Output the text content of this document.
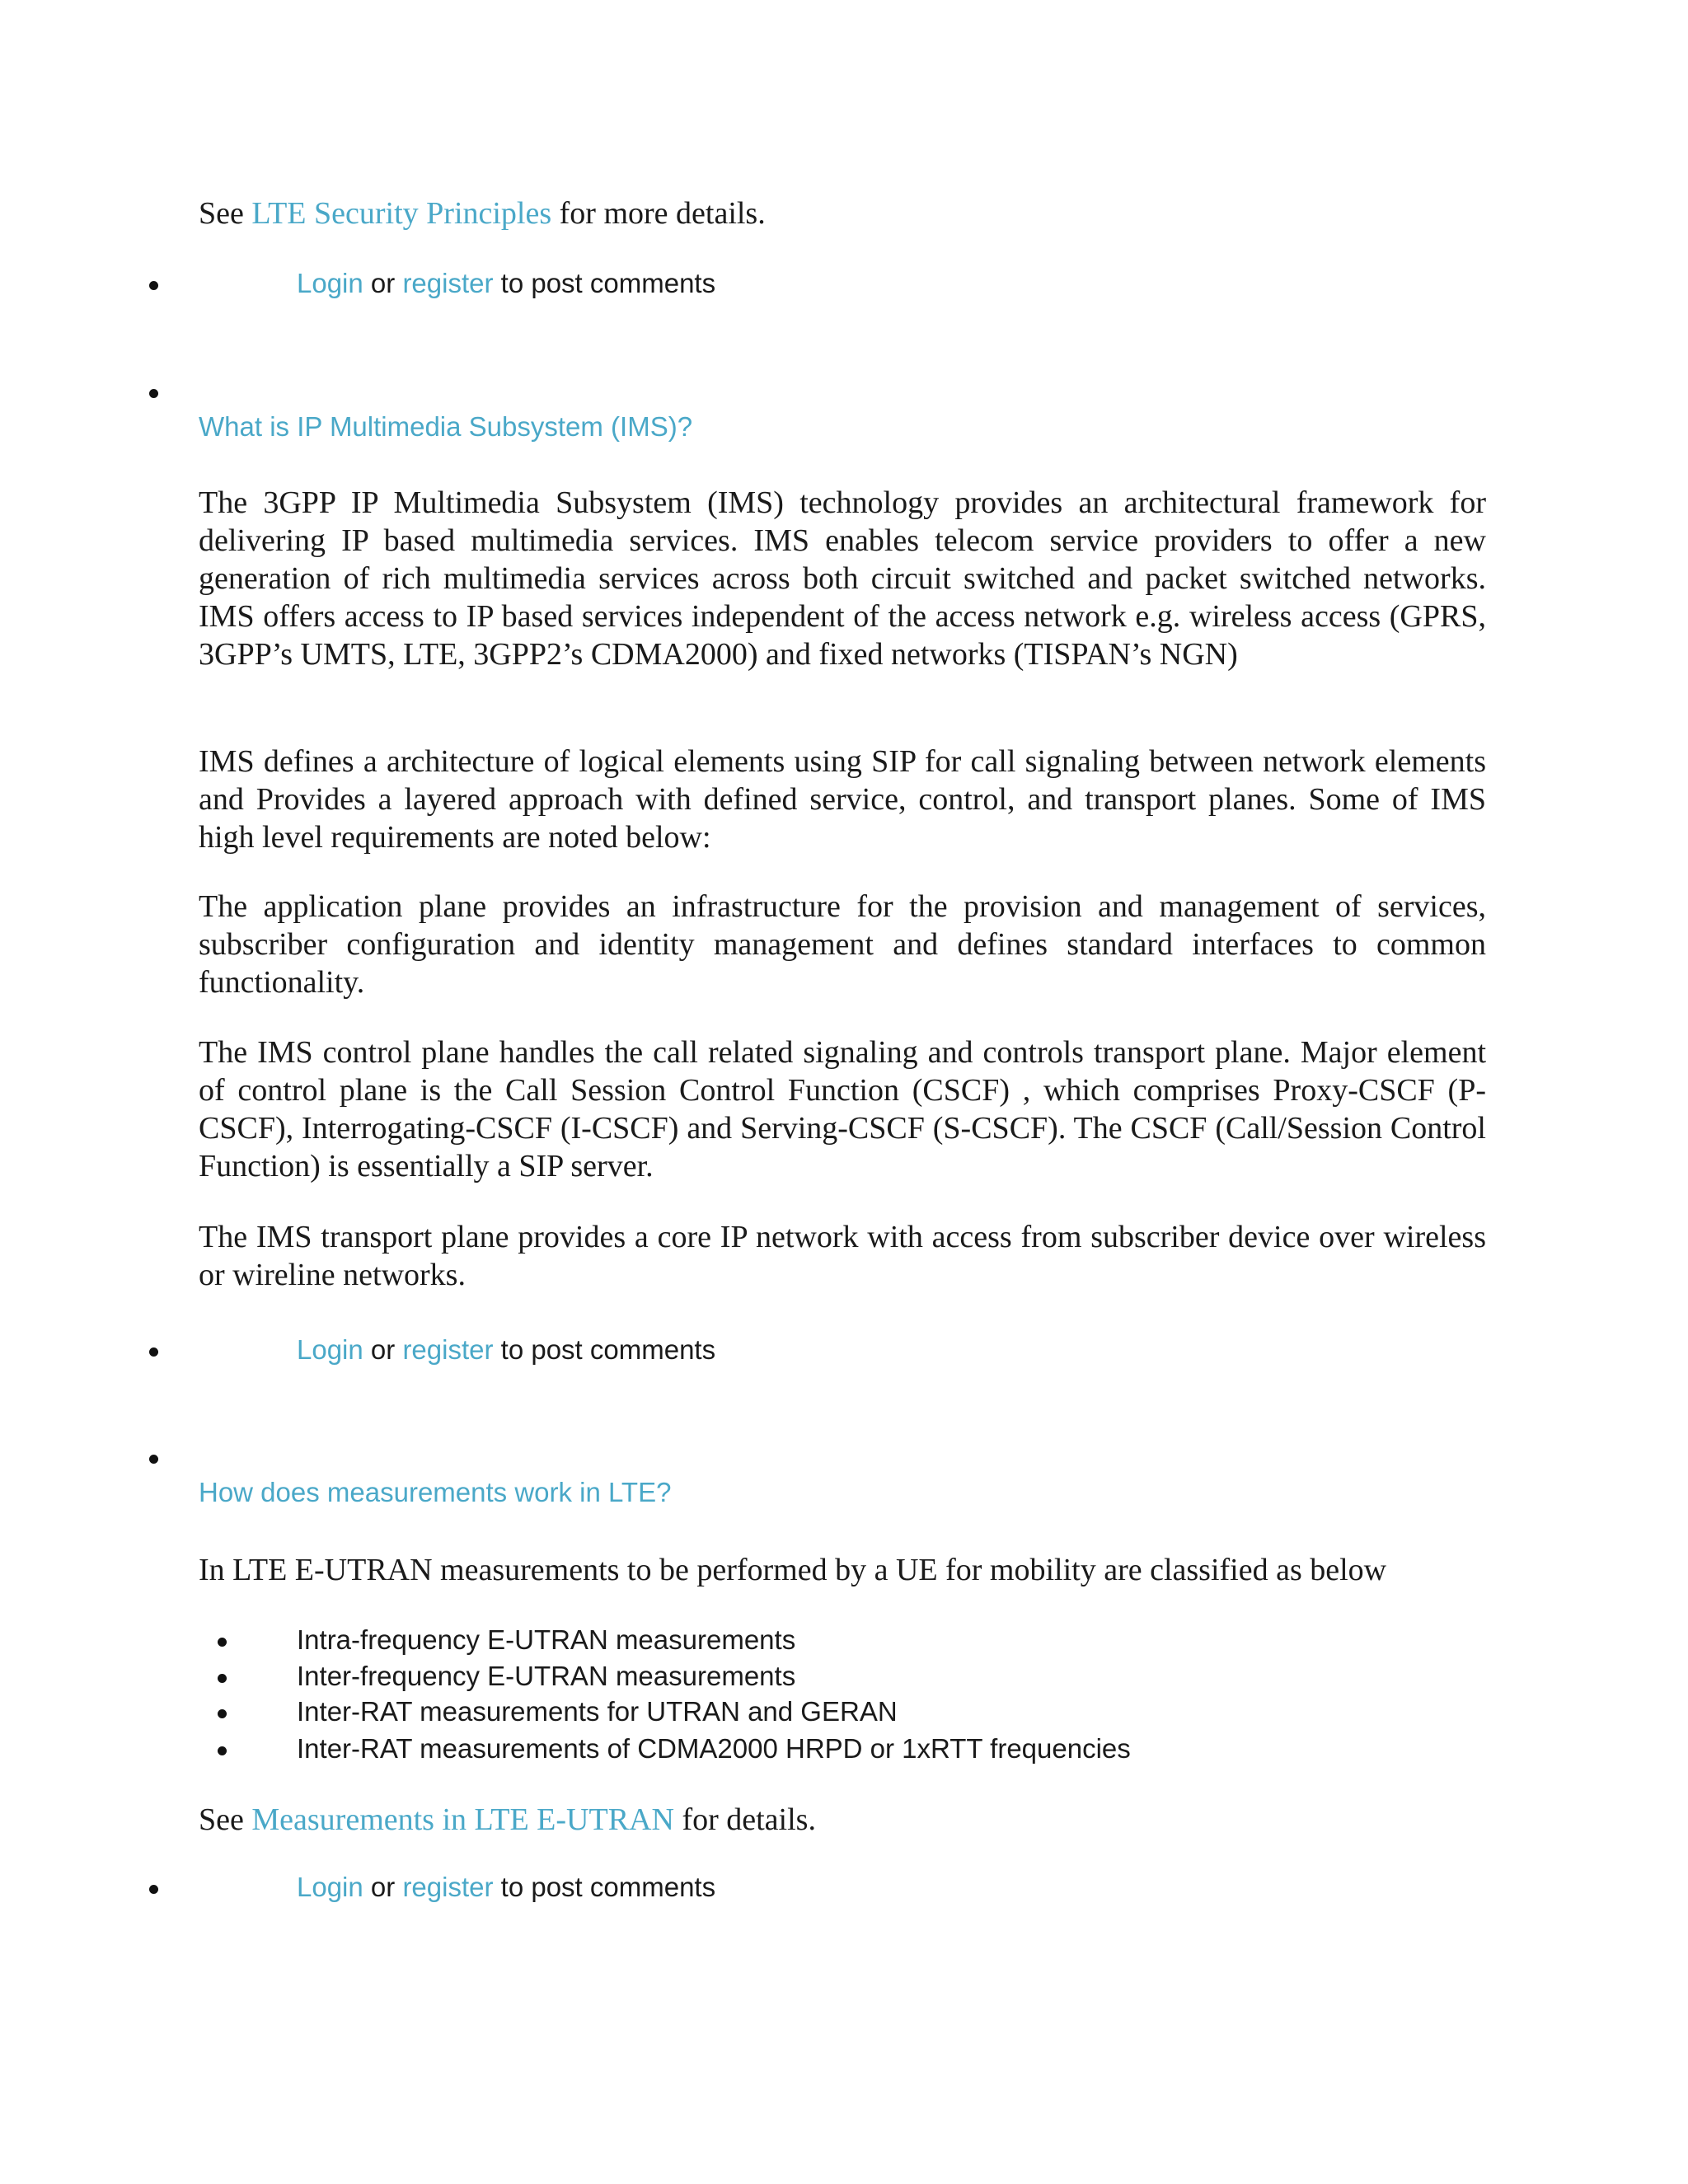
See LTE Security Principles for more details.
Login or register to post comments
What is IP Multimedia Subsystem (IMS)?
The 3GPP IP Multimedia Subsystem (IMS) technology provides an architectural framework for delivering IP based multimedia services. IMS enables telecom service providers to offer a new generation of rich multimedia services across both circuit switched and packet switched networks. IMS offers access to IP based services independent of the access network e.g. wireless access (GPRS, 3GPP’s UMTS, LTE, 3GPP2’s CDMA2000) and fixed networks (TISPAN’s NGN)
IMS defines a architecture of logical elements using SIP for call signaling between network elements and Provides a layered approach with defined service, control, and transport planes. Some of IMS high level requirements are noted below:
The application plane provides an infrastructure for the provision and management of services, subscriber configuration and identity management and defines standard interfaces to common functionality.
The IMS control plane handles the call related signaling and controls transport plane. Major element of control plane is the Call Session Control Function (CSCF) , which comprises Proxy-CSCF (P-CSCF), Interrogating-CSCF (I-CSCF) and Serving-CSCF (S-CSCF). The CSCF (Call/Session Control Function) is essentially a SIP server.
The IMS transport plane provides a core IP network with access from subscriber device over wireless or wireline networks.
Login or register to post comments
How does measurements work in LTE?
In LTE E-UTRAN measurements to be performed by a UE for mobility are classified as below
Intra-frequency E-UTRAN measurements
Inter-frequency E-UTRAN measurements
Inter-RAT measurements for UTRAN and GERAN
Inter-RAT measurements of CDMA2000 HRPD or 1xRTT frequencies
See Measurements in LTE E-UTRAN for details.
Login or register to post comments
